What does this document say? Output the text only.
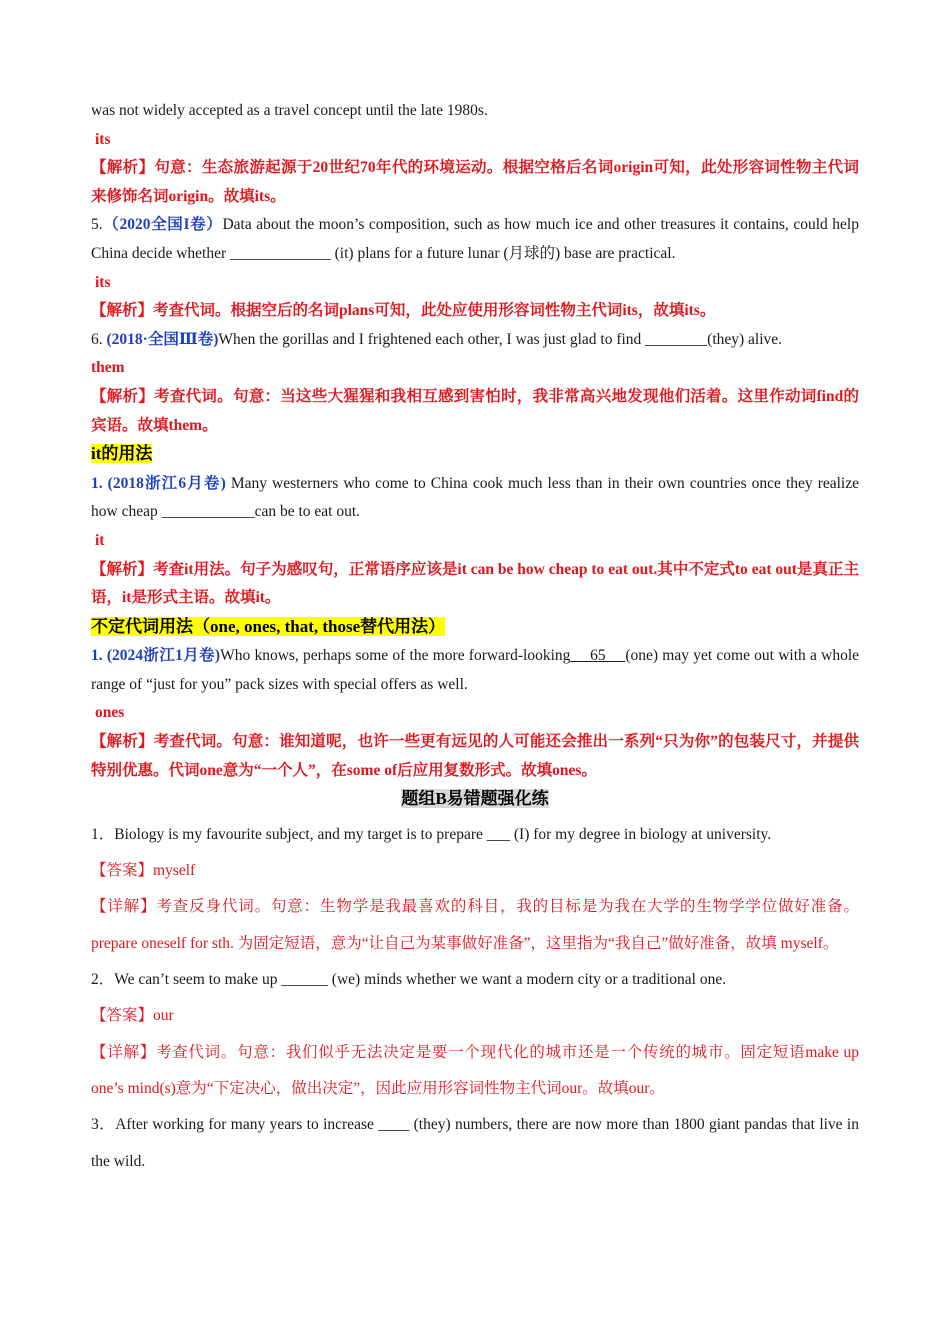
was not widely accepted as a travel concept until the late 1980s.

its

【解析】句意：生态旅游起源于20世纪70年代的环境运动。根据空格后名词origin可知，此处形容词性物主代词来修饰名词origin。故填its。

5.（2020全国I卷）Data about the moon’s composition, such as how much ice and other treasures it contains, could help China decide whether _____________ (it) plans for a future lunar (月球的) base are practical.

its

【解析】考查代词。根据空后的名词plans可知，此处应使用形容词性物主代词its，故填its。

6. (2018·全国Ⅲ卷)When the gorillas and I frightened each other, I was just glad to find ________(they) alive.

them

【解析】考查代词。句意：当这些大猩猩和我相互感到害怕时，我非常高兴地发现他们活着。这里作动词find的宾语。故填them。

it的用法

1. (2018浙江6月卷) Many westerners who come to China cook much less than in their own countries once they realize how cheap ____________can be to eat out.

it

【解析】考查it用法。句子为感叹句，正常语序应该是it can be how cheap to eat out.其中不定式to eat out是真正主语，it是形式主语。故填it。

不定代词用法（one, ones, that, those替代用法）

1. (2024浙江1月卷)Who knows, perhaps some of the more forward-looking __65__ (one) may yet come out with a whole range of “just for you” pack sizes with special offers as well.

ones

【解析】考查代词。句意：谁知道呢，也许一些更有远见的人可能还会推出一系列“只为你”的包装尺寸，并提供特别优惠。代词one意为“一个人”，在some of后应用复数形式。故填ones。

题组B易错题强化练

1．Biology is my favourite subject, and my target is to prepare ___ (I) for my degree in biology at university.

【答案】myself

【详解】考查反身代词。句意：生物学是我最喜欢的科目，我的目标是为我在大学的生物学学位做好准备。prepare oneself for sth. 为固定短语，意为“让自己为某事做好准备”，这里指为“我自己”做好准备，故填 myself。

2．We can’t seem to make up ______ (we) minds whether we want a modern city or a traditional one.

【答案】our

【详解】考查代词。句意：我们似乎无法决定是要一个现代化的城市还是一个传统的城市。固定短语make up one’s mind(s)意为“下定决心，做出决定”，因此应用形容词性物主代词our。故填our。

3．After working for many years to increase ____ (they) numbers, there are now more than 1800 giant pandas that live in the wild.
